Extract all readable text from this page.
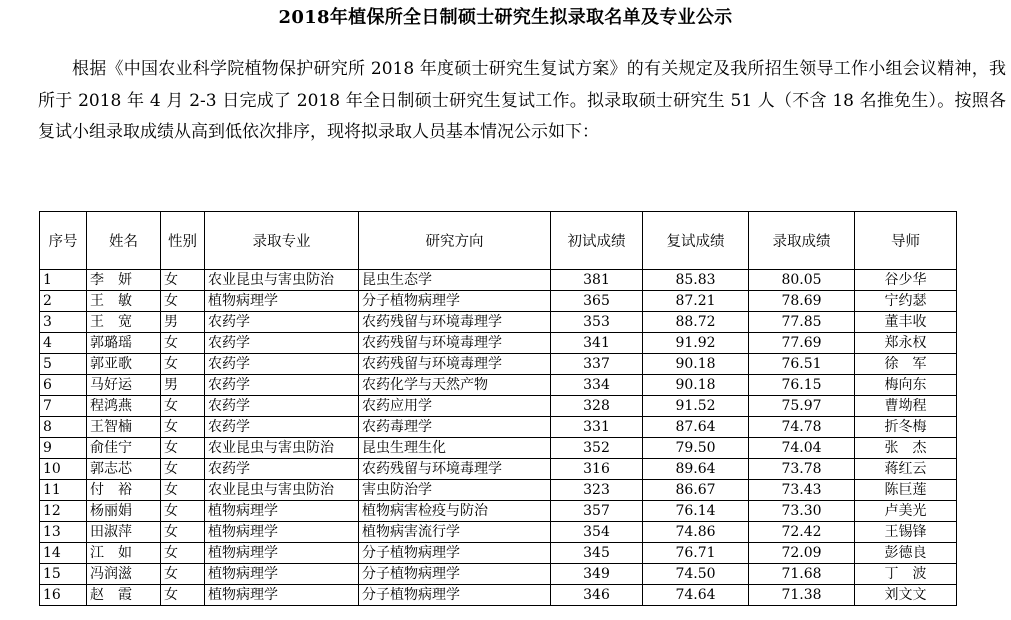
2018年植保所全日制硕士研究生拟录取名单及专业公示
根据《中国农业科学院植物保护研究所 2018 年度硕士研究生复试方案》的有关规定及我所招生领导工作小组会议精神，我所于 2018 年 4 月 2-3 日完成了 2018 年全日制硕士研究生复试工作。拟录取硕士研究生 51 人（不含 18 名推免生）。按照各复试小组录取成绩从高到低依次排序，现将拟录取人员基本情况公示如下：
序号	姓名	性别	录取专业	研究方向	初试成绩	复试成绩	录取成绩	导师
1	李　妍	女	农业昆虫与害虫防治	昆虫生态学	381	85.83	80.05	谷少华
2	王　敏	女	植物病理学	分子植物病理学	365	87.21	78.69	宁约瑟
3	王　宽	男	农药学	农药残留与环境毒理学	353	88.72	77.85	董丰收
4	郭璐瑶	女	农药学	农药残留与环境毒理学	341	91.92	77.69	郑永权
5	郭亚歌	女	农药学	农药残留与环境毒理学	337	90.18	76.51	徐　军
6	马好运	男	农药学	农药化学与天然产物	334	90.18	76.15	梅向东
7	程鸿燕	女	农药学	农药应用学	328	91.52	75.97	曹坳程
8	王智楠	女	农药学	农药毒理学	331	87.64	74.78	折冬梅
9	俞佳宁	女	农业昆虫与害虫防治	昆虫生理生化	352	79.50	74.04	张　杰
10	郭志芯	女	农药学	农药残留与环境毒理学	316	89.64	73.78	蒋红云
11	付　裕	女	农业昆虫与害虫防治	害虫防治学	323	86.67	73.43	陈巨莲
12	杨丽娟	女	植物病理学	植物病害检疫与防治	357	76.14	73.30	卢美光
13	田淑萍	女	植物病理学	植物病害流行学	354	74.86	72.42	王锡锋
14	江　如	女	植物病理学	分子植物病理学	345	76.71	72.09	彭德良
15	冯润滋	女	植物病理学	分子植物病理学	349	74.50	71.68	丁　波
16	赵　霞	女	植物病理学	分子植物病理学	346	74.64	71.38	刘文文
